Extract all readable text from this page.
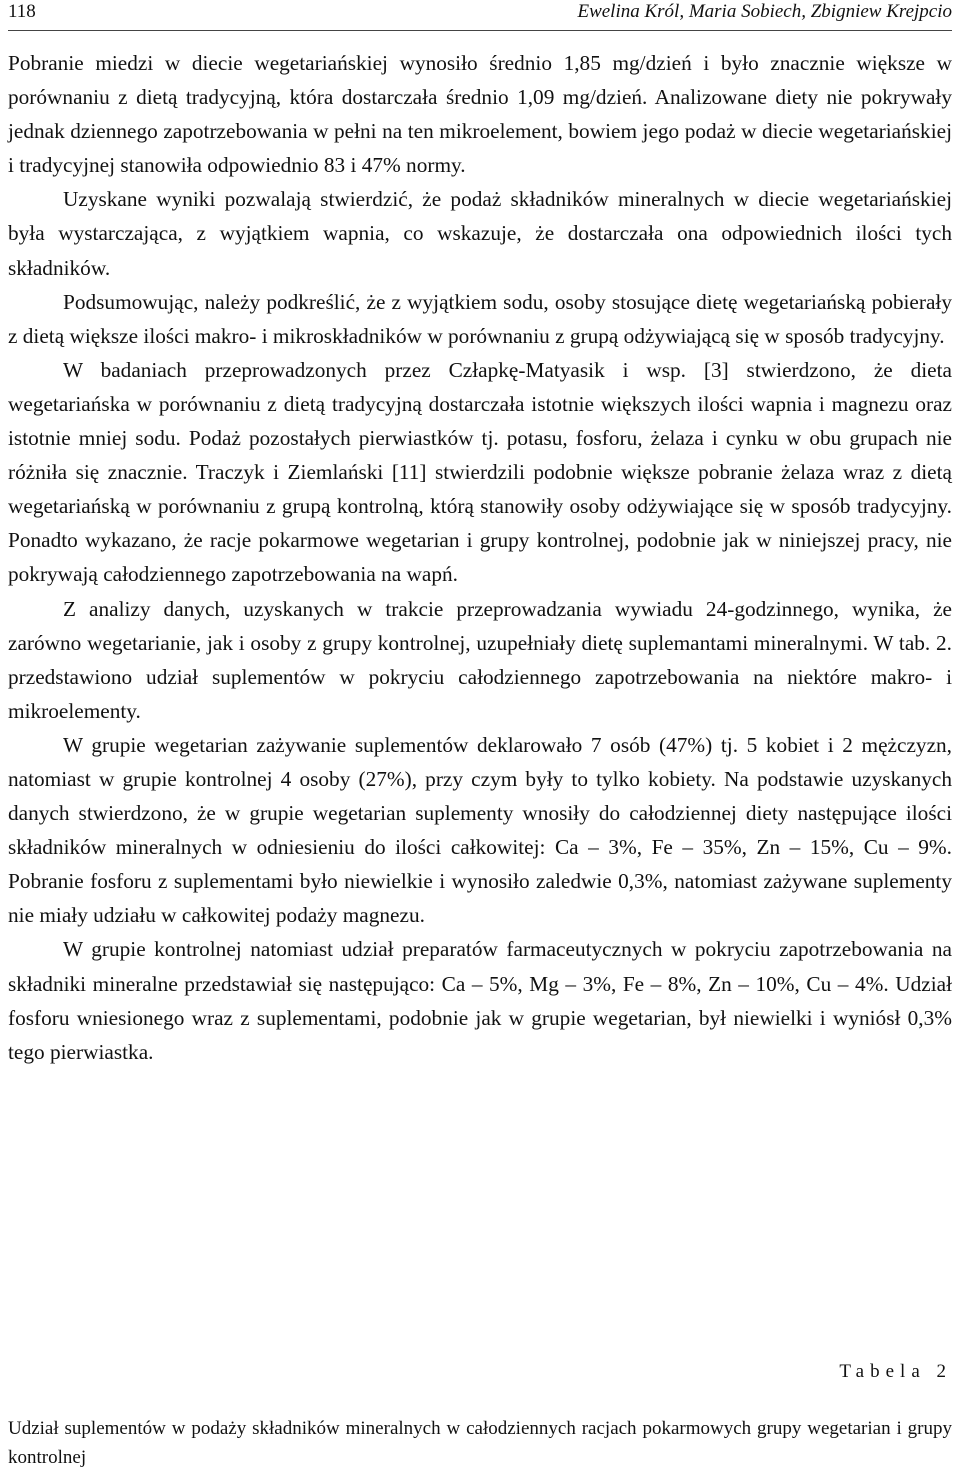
118	Ewelina Król, Maria Sobiech, Zbigniew Krejpcio

Pobranie miedzi w diecie wegetariańskiej wynosiło średnio 1,85 mg/dzień i było znacznie większe w porównaniu z dietą tradycyjną, która dostarczała średnio 1,09 mg/dzień. Analizowane diety nie pokrywały jednak dziennego zapotrzebowania w pełni na ten mikroelement, bowiem jego podaż w diecie wegetariańskiej i tradycyjnej stanowiła odpowiednio 83 i 47% normy.

Uzyskane wyniki pozwalają stwierdzić, że podaż składników mineralnych w diecie wegetariańskiej była wystarczająca, z wyjątkiem wapnia, co wskazuje, że dostarczała ona odpowiednich ilości tych składników.

Podsumowując, należy podkreślić, że z wyjątkiem sodu, osoby stosujące dietę wegetariańską pobierały z dietą większe ilości makro- i mikroskładników w porównaniu z grupą odżywiającą się w sposób tradycyjny.

W badaniach przeprowadzonych przez Człapkę-Matyasik i wsp. [3] stwierdzono, że dieta wegetariańska w porównaniu z dietą tradycyjną dostarczała istotnie większych ilości wapnia i magnezu oraz istotnie mniej sodu. Podaż pozostałych pierwiastków tj. potasu, fosforu, żelaza i cynku w obu grupach nie różniła się znacznie. Traczyk i Ziemlański [11] stwierdzili podobnie większe pobranie żelaza wraz z dietą wegetariańską w porównaniu z grupą kontrolną, którą stanowiły osoby odżywiające się w sposób tradycyjny. Ponadto wykazano, że racje pokarmowe wegetarian i grupy kontrolnej, podobnie jak w niniejszej pracy, nie pokrywają całodziennego zapotrzebowania na wapń.

Z analizy danych, uzyskanych w trakcie przeprowadzania wywiadu 24-godzinnego, wynika, że zarówno wegetarianie, jak i osoby z grupy kontrolnej, uzupełniały dietę suplemantami mineralnymi. W tab. 2. przedstawiono udział suplementów w pokryciu całodziennego zapotrzebowania na niektóre makro- i mikroelementy.

W grupie wegetarian zażywanie suplementów deklarowało 7 osób (47%) tj. 5 kobiet i 2 mężczyzn, natomiast w grupie kontrolnej 4 osoby (27%), przy czym były to tylko kobiety. Na podstawie uzyskanych danych stwierdzono, że w grupie wegetarian suplementy wnosiły do całodziennej diety następujące ilości składników mineralnych w odniesieniu do ilości całkowitej: Ca – 3%, Fe – 35%, Zn – 15%, Cu – 9%. Pobranie fosforu z suplementami było niewielkie i wynosiło zaledwie 0,3%, natomiast zażywane suplementy nie miały udziału w całkowitej podaży magnezu.

W grupie kontrolnej natomiast udział preparatów farmaceutycznych w pokryciu zapotrzebowania na składniki mineralne przedstawiał się następująco: Ca – 5%, Mg – 3%, Fe – 8%, Zn – 10%, Cu – 4%. Udział fosforu wniesionego wraz z suplementami, podobnie jak w grupie wegetarian, był niewielki i wyniósł 0,3% tego pierwiastka.

Tabela 2
Udział suplementów w podaży składników mineralnych w całodziennych racjach pokarmowych grupy wegetarian i grupy kontrolnej
